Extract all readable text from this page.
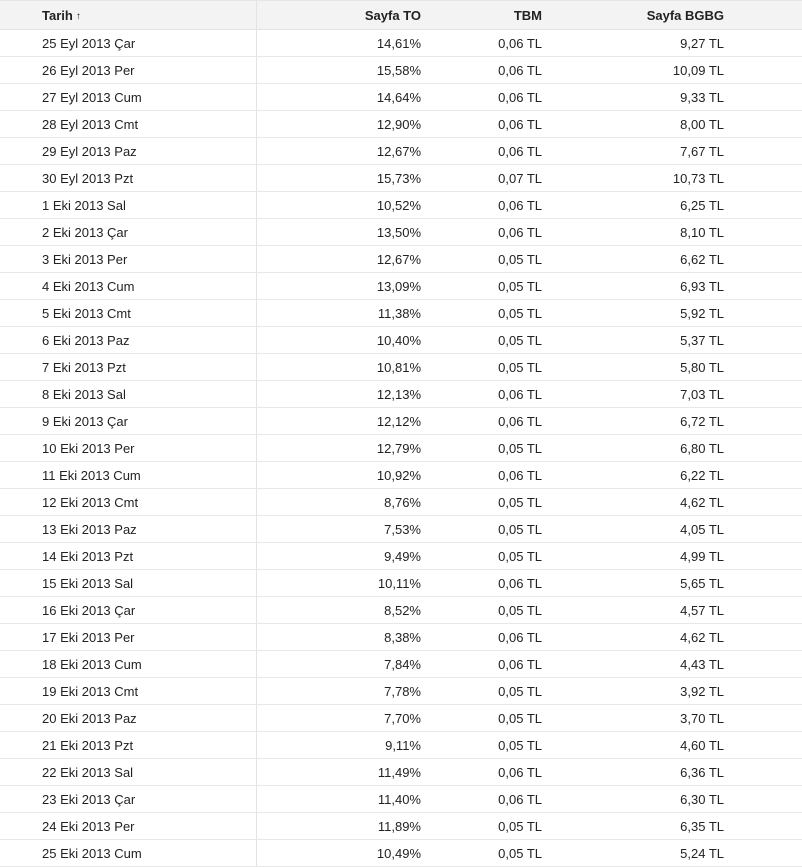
Tarih ↑	Sayfa TO	TBM	Sayfa BGBG	
25 Eyl 2013 Çar	14,61%	0,06 TL	9,27 TL	
26 Eyl 2013 Per	15,58%	0,06 TL	10,09 TL	
27 Eyl 2013 Cum	14,64%	0,06 TL	9,33 TL	
28 Eyl 2013 Cmt	12,90%	0,06 TL	8,00 TL	
29 Eyl 2013 Paz	12,67%	0,06 TL	7,67 TL	
30 Eyl 2013 Pzt	15,73%	0,07 TL	10,73 TL	
1 Eki 2013 Sal	10,52%	0,06 TL	6,25 TL	
2 Eki 2013 Çar	13,50%	0,06 TL	8,10 TL	
3 Eki 2013 Per	12,67%	0,05 TL	6,62 TL	
4 Eki 2013 Cum	13,09%	0,05 TL	6,93 TL	
5 Eki 2013 Cmt	11,38%	0,05 TL	5,92 TL	
6 Eki 2013 Paz	10,40%	0,05 TL	5,37 TL	
7 Eki 2013 Pzt	10,81%	0,05 TL	5,80 TL	
8 Eki 2013 Sal	12,13%	0,06 TL	7,03 TL	
9 Eki 2013 Çar	12,12%	0,06 TL	6,72 TL	
10 Eki 2013 Per	12,79%	0,05 TL	6,80 TL	
11 Eki 2013 Cum	10,92%	0,06 TL	6,22 TL	
12 Eki 2013 Cmt	8,76%	0,05 TL	4,62 TL	
13 Eki 2013 Paz	7,53%	0,05 TL	4,05 TL	
14 Eki 2013 Pzt	9,49%	0,05 TL	4,99 TL	
15 Eki 2013 Sal	10,11%	0,06 TL	5,65 TL	
16 Eki 2013 Çar	8,52%	0,05 TL	4,57 TL	
17 Eki 2013 Per	8,38%	0,06 TL	4,62 TL	
18 Eki 2013 Cum	7,84%	0,06 TL	4,43 TL	
19 Eki 2013 Cmt	7,78%	0,05 TL	3,92 TL	
20 Eki 2013 Paz	7,70%	0,05 TL	3,70 TL	
21 Eki 2013 Pzt	9,11%	0,05 TL	4,60 TL	
22 Eki 2013 Sal	11,49%	0,06 TL	6,36 TL	
23 Eki 2013 Çar	11,40%	0,06 TL	6,30 TL	
24 Eki 2013 Per	11,89%	0,05 TL	6,35 TL	
25 Eki 2013 Cum	10,49%	0,05 TL	5,24 TL	
